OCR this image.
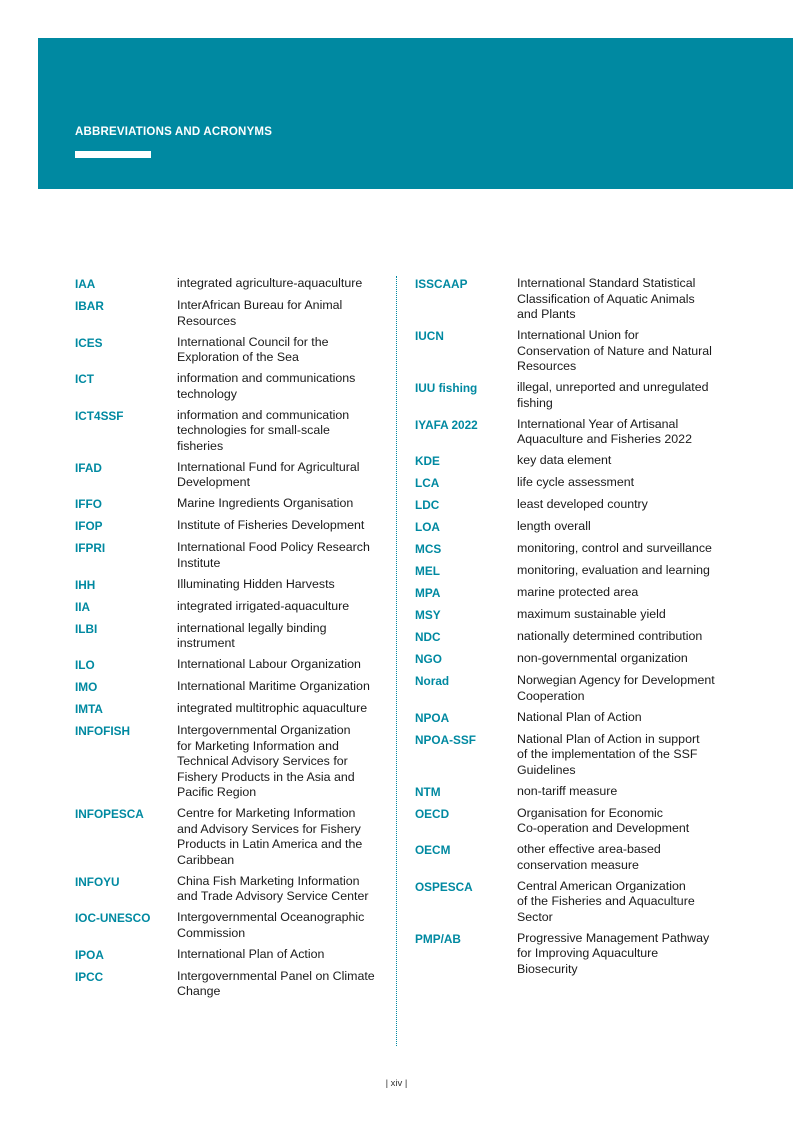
ABBREVIATIONS AND ACRONYMS
IAA	integrated agriculture-aquaculture
IBAR	InterAfrican Bureau for Animal
Resources
ICES	International Council for the
Exploration of the Sea
ICT	information and communications
technology
ICT4SSF	information and communication
technologies for small-scale
fisheries
IFAD	International Fund for Agricultural
Development
IFFO	Marine Ingredients Organisation
IFOP	Institute of Fisheries Development
IFPRI	International Food Policy Research
Institute
IHH	Illuminating Hidden Harvests
IIA	integrated irrigated-aquaculture
ILBI	international legally binding
instrument
ILO	International Labour Organization
IMO	International Maritime Organization
IMTA	integrated multitrophic aquaculture
INFOFISH	Intergovernmental Organization
for Marketing Information and
Technical Advisory Services for
Fishery Products in the Asia and
Pacific Region
INFOPESCA	Centre for Marketing Information
and Advisory Services for Fishery
Products in Latin America and the
Caribbean
INFOYU	China Fish Marketing Information
and Trade Advisory Service Center
IOC-UNESCO	Intergovernmental Oceanographic
Commission
IPOA	International Plan of Action
IPCC	Intergovernmental Panel on Climate
Change
ISSCAAP	International Standard Statistical
Classification of Aquatic Animals
and Plants
IUCN	International Union for
Conservation of Nature and Natural
Resources
IUU fishing	illegal, unreported and unregulated
fishing
IYAFA 2022	International Year of Artisanal
Aquaculture and Fisheries 2022
KDE	key data element
LCA	life cycle assessment
LDC	least developed country
LOA	length overall
MCS	monitoring, control and surveillance
MEL	monitoring, evaluation and learning
MPA	marine protected area
MSY	maximum sustainable yield
NDC	nationally determined contribution
NGO	non-governmental organization
Norad	Norwegian Agency for Development
Cooperation
NPOA	National Plan of Action
NPOA-SSF	National Plan of Action in support
of the implementation of the SSF
Guidelines
NTM	non-tariff measure
OECD	Organisation for Economic
Co-operation and Development
OECM	other effective area-based
conservation measure
OSPESCA	Central American Organization
of the Fisheries and Aquaculture
Sector
PMP/AB	Progressive Management Pathway
for Improving Aquaculture
Biosecurity
| xiv |
